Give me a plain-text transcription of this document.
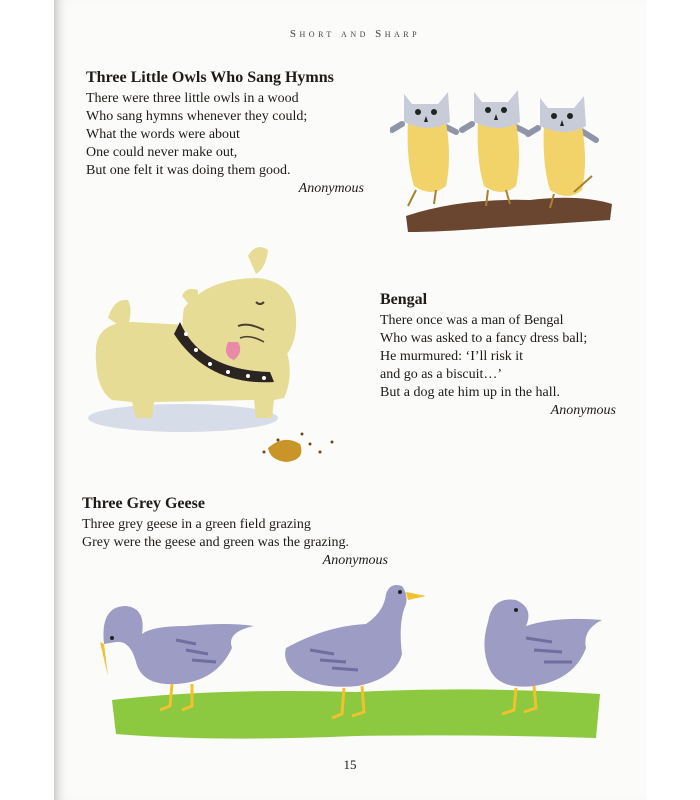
Short and Sharp
Three Little Owls Who Sang Hymns
There were three little owls in a wood
Who sang hymns whenever they could;
What the words were about
One could never make out,
But one felt it was doing them good.
Anonymous
Bengal
There once was a man of Bengal
Who was asked to a fancy dress ball;
He murmured: ‘I’ll risk it
and go as a biscuit…’
But a dog ate him up in the hall.
Anonymous
Three Grey Geese
Three grey geese in a green field grazing
Grey were the geese and green was the grazing.
Anonymous
15
